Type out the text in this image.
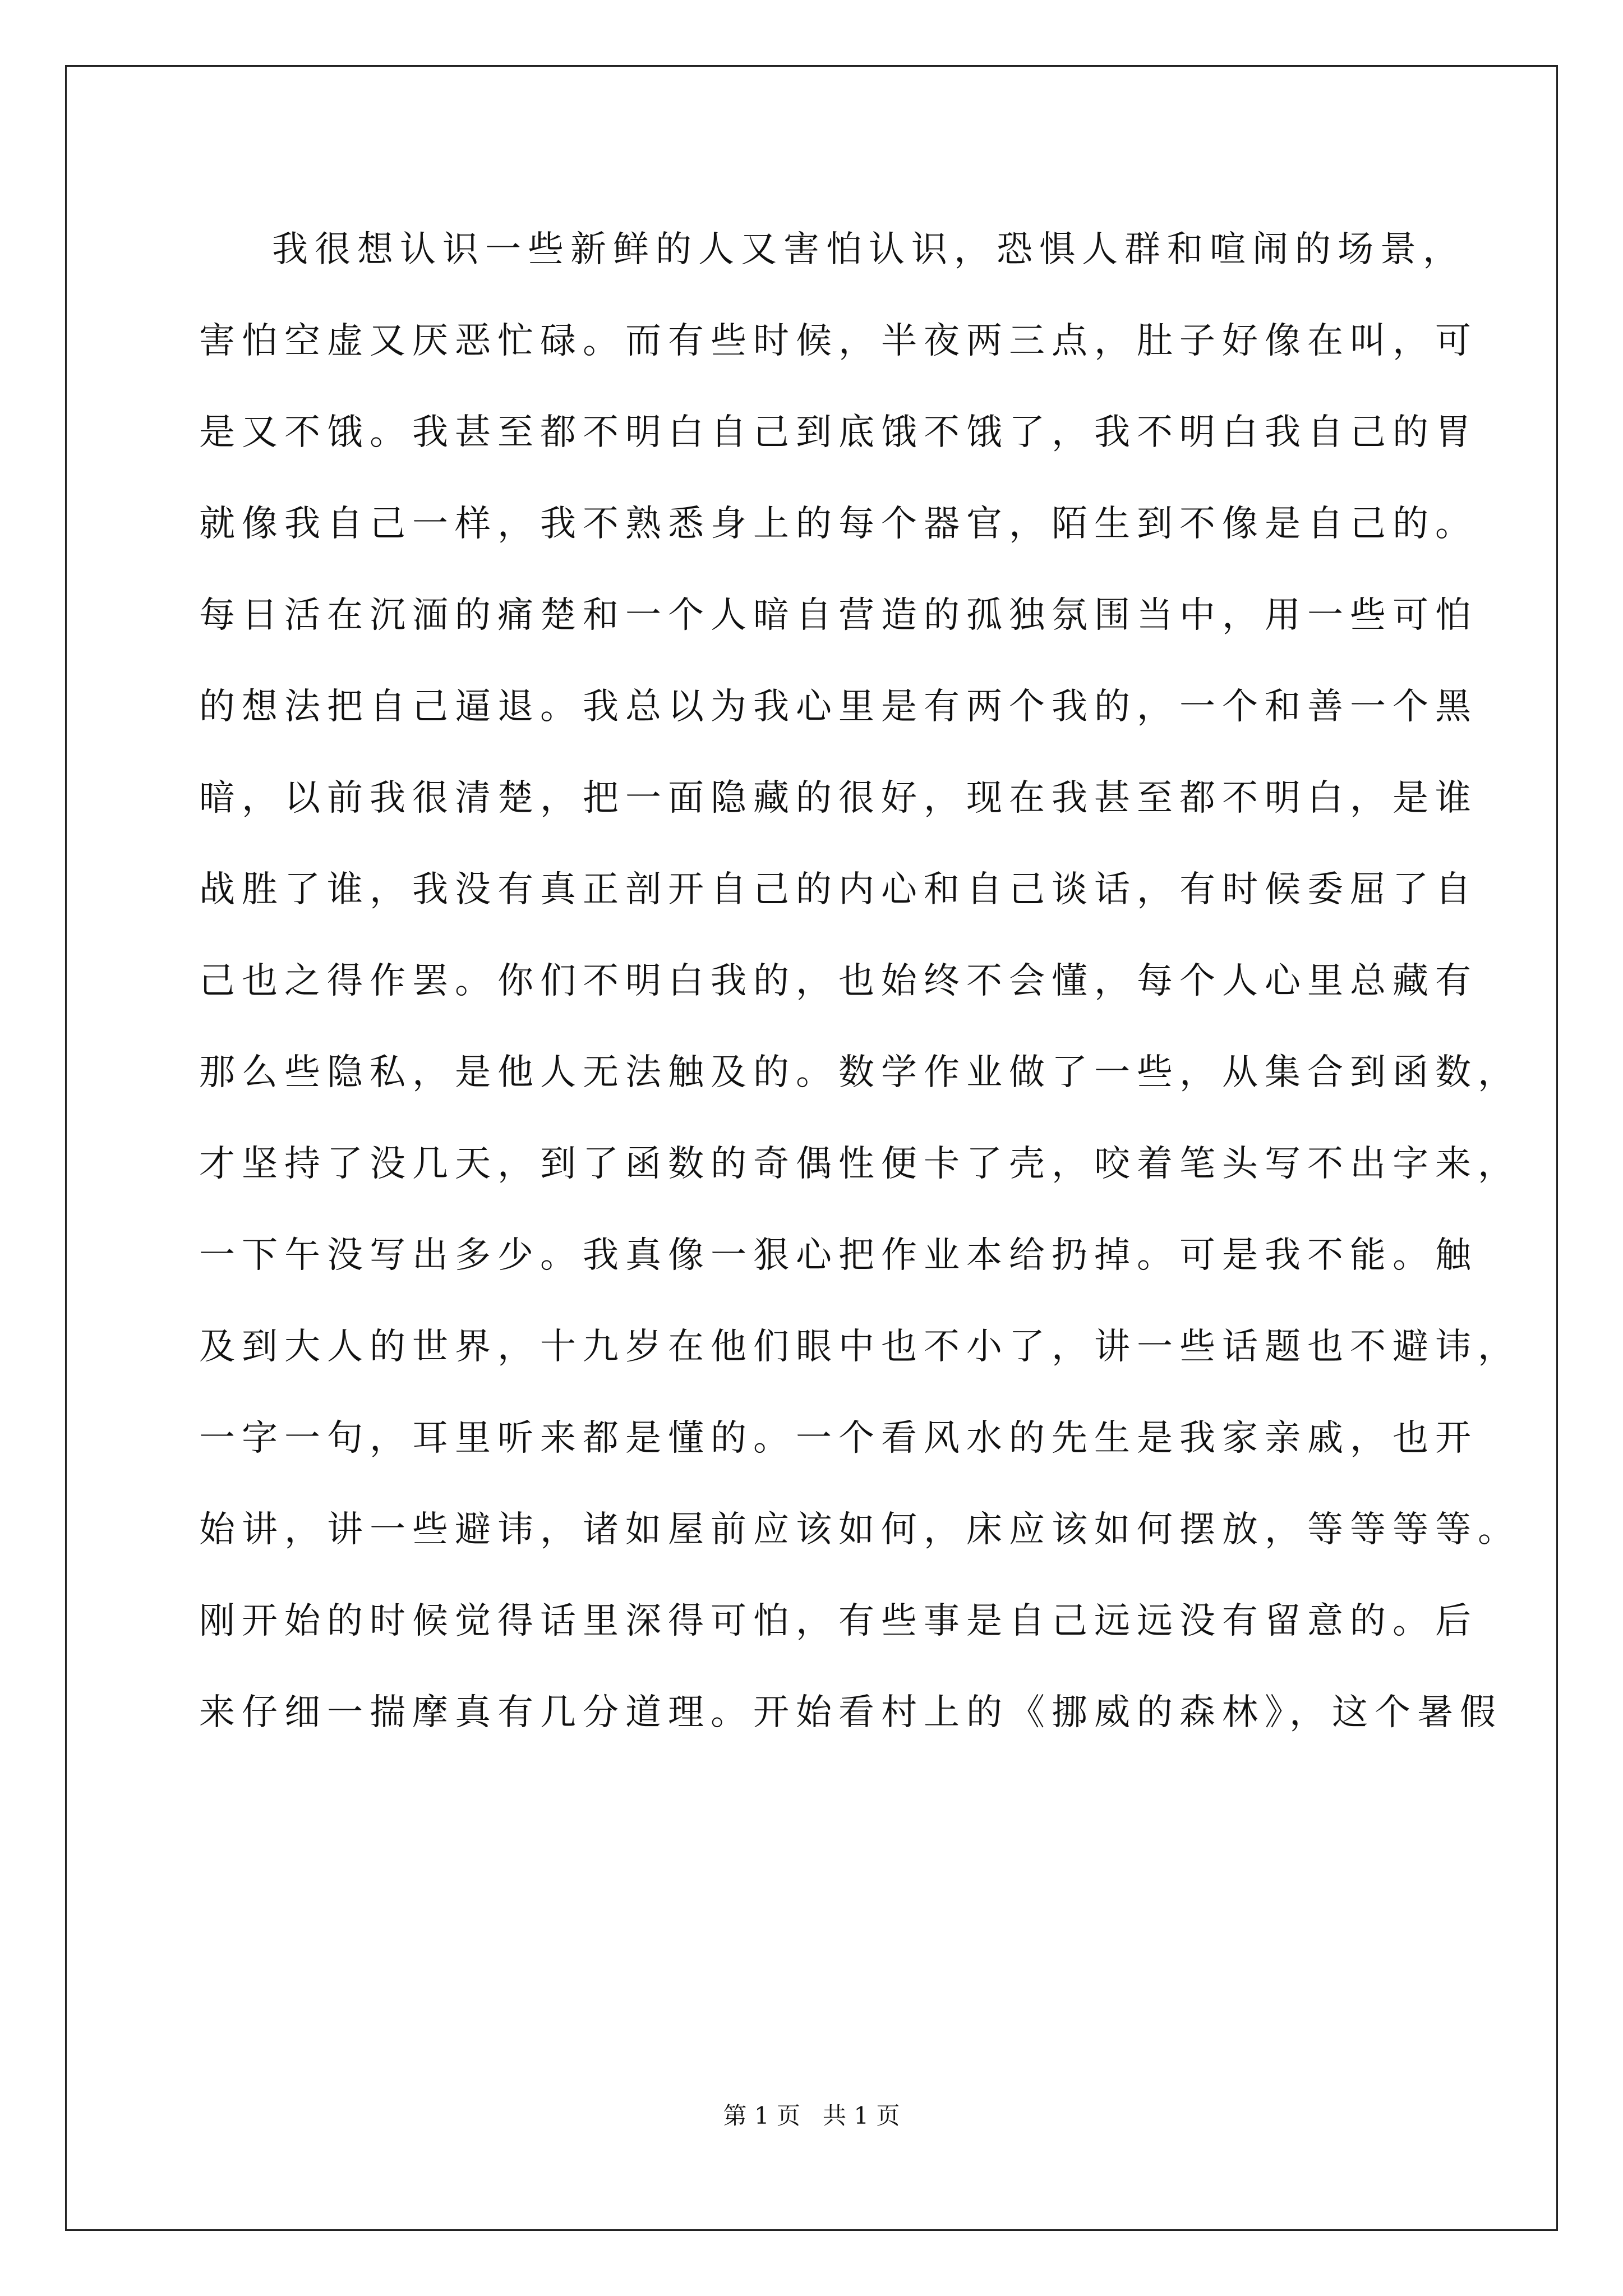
我很想认识一些新鲜的人又害怕认识，恐惧人群和喧闹的场景，
害怕空虚又厌恶忙碌。而有些时候，半夜两三点，肚子好像在叫，可
是又不饿。我甚至都不明白自己到底饿不饿了，我不明白我自己的胃
就像我自己一样，我不熟悉身上的每个器官，陌生到不像是自己的。
每日活在沉湎的痛楚和一个人暗自营造的孤独氛围当中，用一些可怕
的想法把自己逼退。我总以为我心里是有两个我的，一个和善一个黑
暗，以前我很清楚，把一面隐藏的很好，现在我甚至都不明白，是谁
战胜了谁，我没有真正剖开自己的内心和自己谈话，有时候委屈了自
己也之得作罢。你们不明白我的，也始终不会懂，每个人心里总藏有
那么些隐私，是他人无法触及的。数学作业做了一些，从集合到函数，
才坚持了没几天，到了函数的奇偶性便卡了壳，咬着笔头写不出字来，
一下午没写出多少。我真像一狠心把作业本给扔掉。可是我不能。触
及到大人的世界，十九岁在他们眼中也不小了，讲一些话题也不避讳，
一字一句，耳里听来都是懂的。一个看风水的先生是我家亲戚，也开
始讲，讲一些避讳，诸如屋前应该如何，床应该如何摆放，等等等等。
刚开始的时候觉得话里深得可怕，有些事是自己远远没有留意的。后
来仔细一揣摩真有几分道理。开始看村上的《挪威的森林》，这个暑假
第 1 页   共 1 页
